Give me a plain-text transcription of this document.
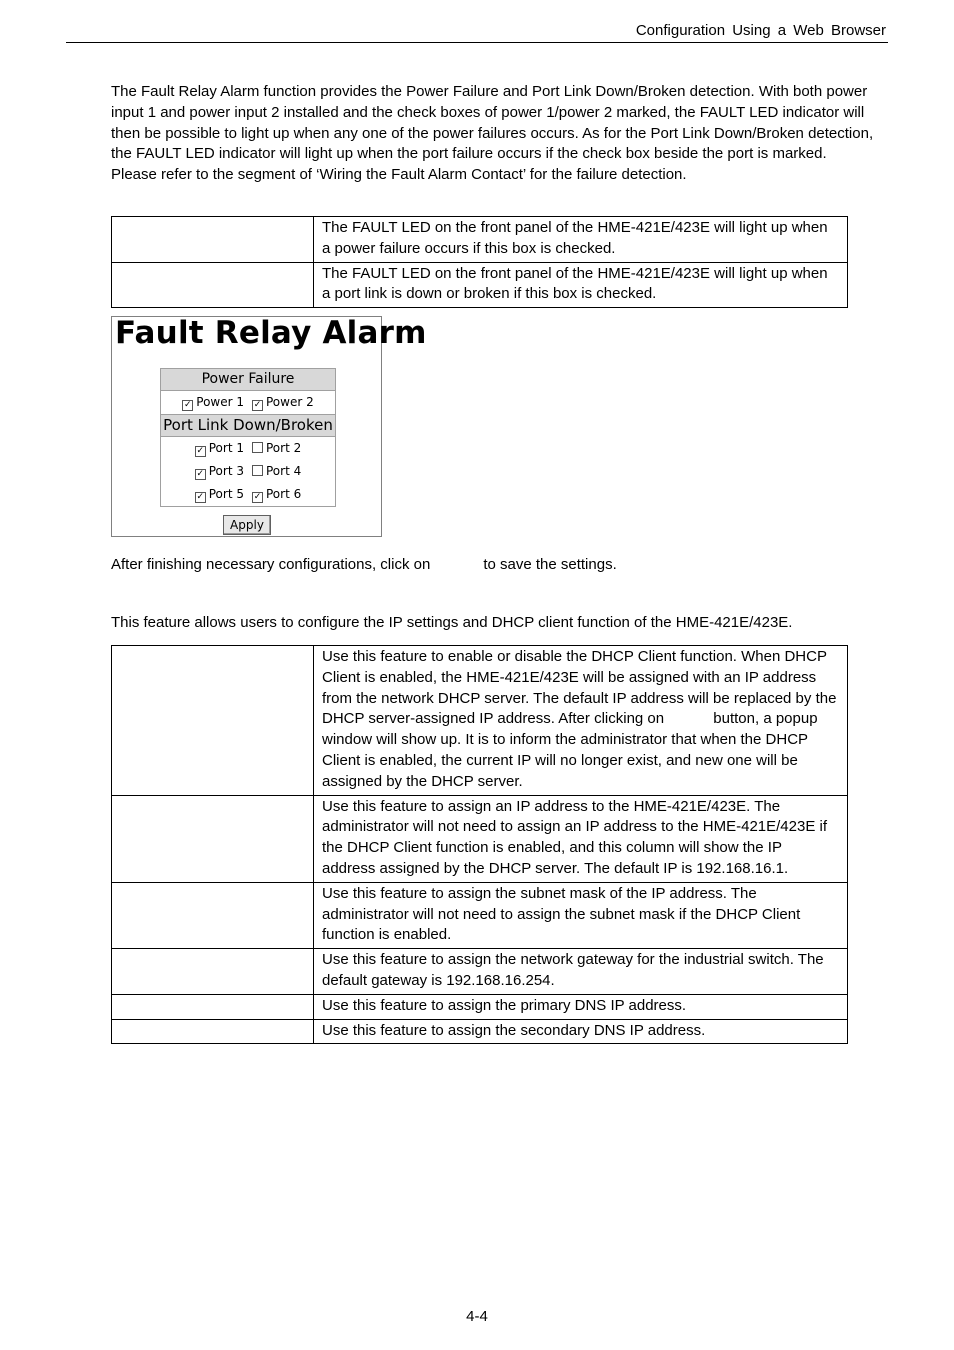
Configuration Using a Web Browser

The Fault Relay Alarm function provides the Power Failure and Port Link Down/Broken detection. With both power input 1 and power input 2 installed and the check boxes of power 1/power 2 marked, the FAULT LED indicator will then be possible to light up when any one of the power failures occurs. As for the Port Link Down/Broken detection, the FAULT LED indicator will light up when the port failure occurs if the check box beside the port is marked. Please refer to the segment of ‘Wiring the Fault Alarm Contact’ for the failure detection.

	The FAULT LED on the front panel of the HME-421E/423E will light up when a power failure occurs if this box is checked.
	The FAULT LED on the front panel of the HME-421E/423E will light up when a port link is down or broken if this box is checked.
Fault Relay Alarm
Power Failure
✓ Power 1 ✓ Power 2
Port Link Down/Broken
✓ Port 1 Port 2
✓ Port 3 Port 4
✓ Port 5 ✓ Port 6
Apply
After finishing necessary configurations, click on	to save the settings.

This feature allows users to configure the IP settings and DHCP client function of the HME-421E/423E.

	Use this feature to enable or disable the DHCP Client function. When DHCP Client is enabled, the HME-421E/423E will be assigned with an IP address from the network DHCP server. The default IP address will be replaced by the DHCP server-assigned IP address. After clicking on button, a popup window will show up. It is to inform the administrator that when the DHCP Client is enabled, the current IP will no longer exist, and new one will be assigned by the DHCP server.
	Use this feature to assign an IP address to the HME-421E/423E. The administrator will not need to assign an IP address to the HME-421E/423E if the DHCP Client function is enabled, and this column will show the IP address assigned by the DHCP server. The default IP is 192.168.16.1.
	Use this feature to assign the subnet mask of the IP address. The administrator will not need to assign the subnet mask if the DHCP Client function is enabled.
	Use this feature to assign the network gateway for the industrial switch. The default gateway is 192.168.16.254.
	Use this feature to assign the primary DNS IP address.
	Use this feature to assign the secondary DNS IP address.
4-4
